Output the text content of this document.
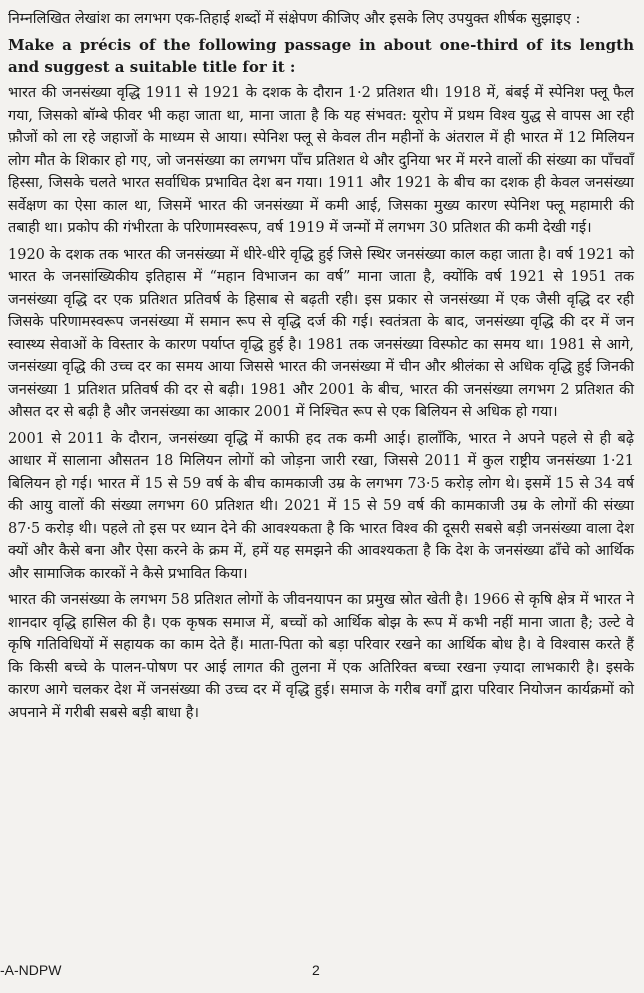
निम्नलिखित लेखांश का लगभग एक-तिहाई शब्दों में संक्षेपण कीजिए और इसके लिए उपयुक्त शीर्षक सुझाइए :

Make a précis of the following passage in about one-third of its length and suggest a suitable title for it :

भारत की जनसंख्या वृद्धि 1911 से 1921 के दशक के दौरान 1·2 प्रतिशत थी। 1918 में, बंबई में स्पेनिश फ्लू फैल गया, जिसको बॉम्बे फीवर भी कहा जाता था, माना जाता है कि यह संभवत: यूरोप में प्रथम विश्व युद्ध से वापस आ रही फ़ौजों को ला रहे जहाजों के माध्यम से आया। स्पेनिश फ्लू से केवल तीन महीनों के अंतराल में ही भारत में 12 मिलियन लोग मौत के शिकार हो गए, जो जनसंख्या का लगभग पाँच प्रतिशत थे और दुनिया भर में मरने वालों की संख्या का पाँचवाँ हिस्सा, जिसके चलते भारत सर्वाधिक प्रभावित देश बन गया। 1911 और 1921 के बीच का दशक ही केवल जनसंख्या सर्वेक्षण का ऐसा काल था, जिसमें भारत की जनसंख्या में कमी आई, जिसका मुख्य कारण स्पेनिश फ्लू महामारी की तबाही था। प्रकोप की गंभीरता के परिणामस्वरूप, वर्ष 1919 में जन्मों में लगभग 30 प्रतिशत की कमी देखी गई।

1920 के दशक तक भारत की जनसंख्या में धीरे-धीरे वृद्धि हुई जिसे स्थिर जनसंख्या काल कहा जाता है। वर्ष 1921 को भारत के जनसांख्यिकीय इतिहास में “महान विभाजन का वर्ष” माना जाता है, क्योंकि वर्ष 1921 से 1951 तक जनसंख्या वृद्धि दर एक प्रतिशत प्रतिवर्ष के हिसाब से बढ़ती रही। इस प्रकार से जनसंख्या में एक जैसी वृद्धि दर रही जिसके परिणामस्वरूप जनसंख्या में समान रूप से वृद्धि दर्ज की गई। स्वतंत्रता के बाद, जनसंख्या वृद्धि की दर में जन स्वास्थ्य सेवाओं के विस्तार के कारण पर्याप्त वृद्धि हुई है। 1981 तक जनसंख्या विस्फोट का समय था। 1981 से आगे, जनसंख्या वृद्धि की उच्च दर का समय आया जिससे भारत की जनसंख्या में चीन और श्रीलंका से अधिक वृद्धि हुई जिनकी जनसंख्या 1 प्रतिशत प्रतिवर्ष की दर से बढ़ी। 1981 और 2001 के बीच, भारत की जनसंख्या लगभग 2 प्रतिशत की औसत दर से बढ़ी है और जनसंख्या का आकार 2001 में निश्चित रूप से एक बिलियन से अधिक हो गया।

2001 से 2011 के दौरान, जनसंख्या वृद्धि में काफी हद तक कमी आई। हालाँकि, भारत ने अपने पहले से ही बढ़े आधार में सालाना औसतन 18 मिलियन लोगों को जोड़ना जारी रखा, जिससे 2011 में कुल राष्ट्रीय जनसंख्या 1·21 बिलियन हो गई। भारत में 15 से 59 वर्ष के बीच कामकाजी उम्र के लगभग 73·5 करोड़ लोग थे। इसमें 15 से 34 वर्ष की आयु वालों की संख्या लगभग 60 प्रतिशत थी। 2021 में 15 से 59 वर्ष की कामकाजी उम्र के लोगों की संख्या 87·5 करोड़ थी। पहले तो इस पर ध्यान देने की आवश्यकता है कि भारत विश्व की दूसरी सबसे बड़ी जनसंख्या वाला देश क्यों और कैसे बना और ऐसा करने के क्रम में, हमें यह समझने की आवश्यकता है कि देश के जनसंख्या ढाँचे को आर्थिक और सामाजिक कारकों ने कैसे प्रभावित किया।

भारत की जनसंख्या के लगभग 58 प्रतिशत लोगों के जीवनयापन का प्रमुख स्रोत खेती है। 1966 से कृषि क्षेत्र में भारत ने शानदार वृद्धि हासिल की है। एक कृषक समाज में, बच्चों को आर्थिक बोझ के रूप में कभी नहीं माना जाता है; उल्टे वे कृषि गतिविधियों में सहायक का काम देते हैं। माता-पिता को बड़ा परिवार रखने का आर्थिक बोध है। वे विश्वास करते हैं कि किसी बच्चे के पालन-पोषण पर आई लागत की तुलना में एक अतिरिक्त बच्चा रखना ज़्यादा लाभकारी है। इसके कारण आगे चलकर देश में जनसंख्या की उच्च दर में वृद्धि हुई। समाज के गरीब वर्गों द्वारा परिवार नियोजन कार्यक्रमों को अपनाने में गरीबी सबसे बड़ी बाधा है।

-A-NDPW	2
